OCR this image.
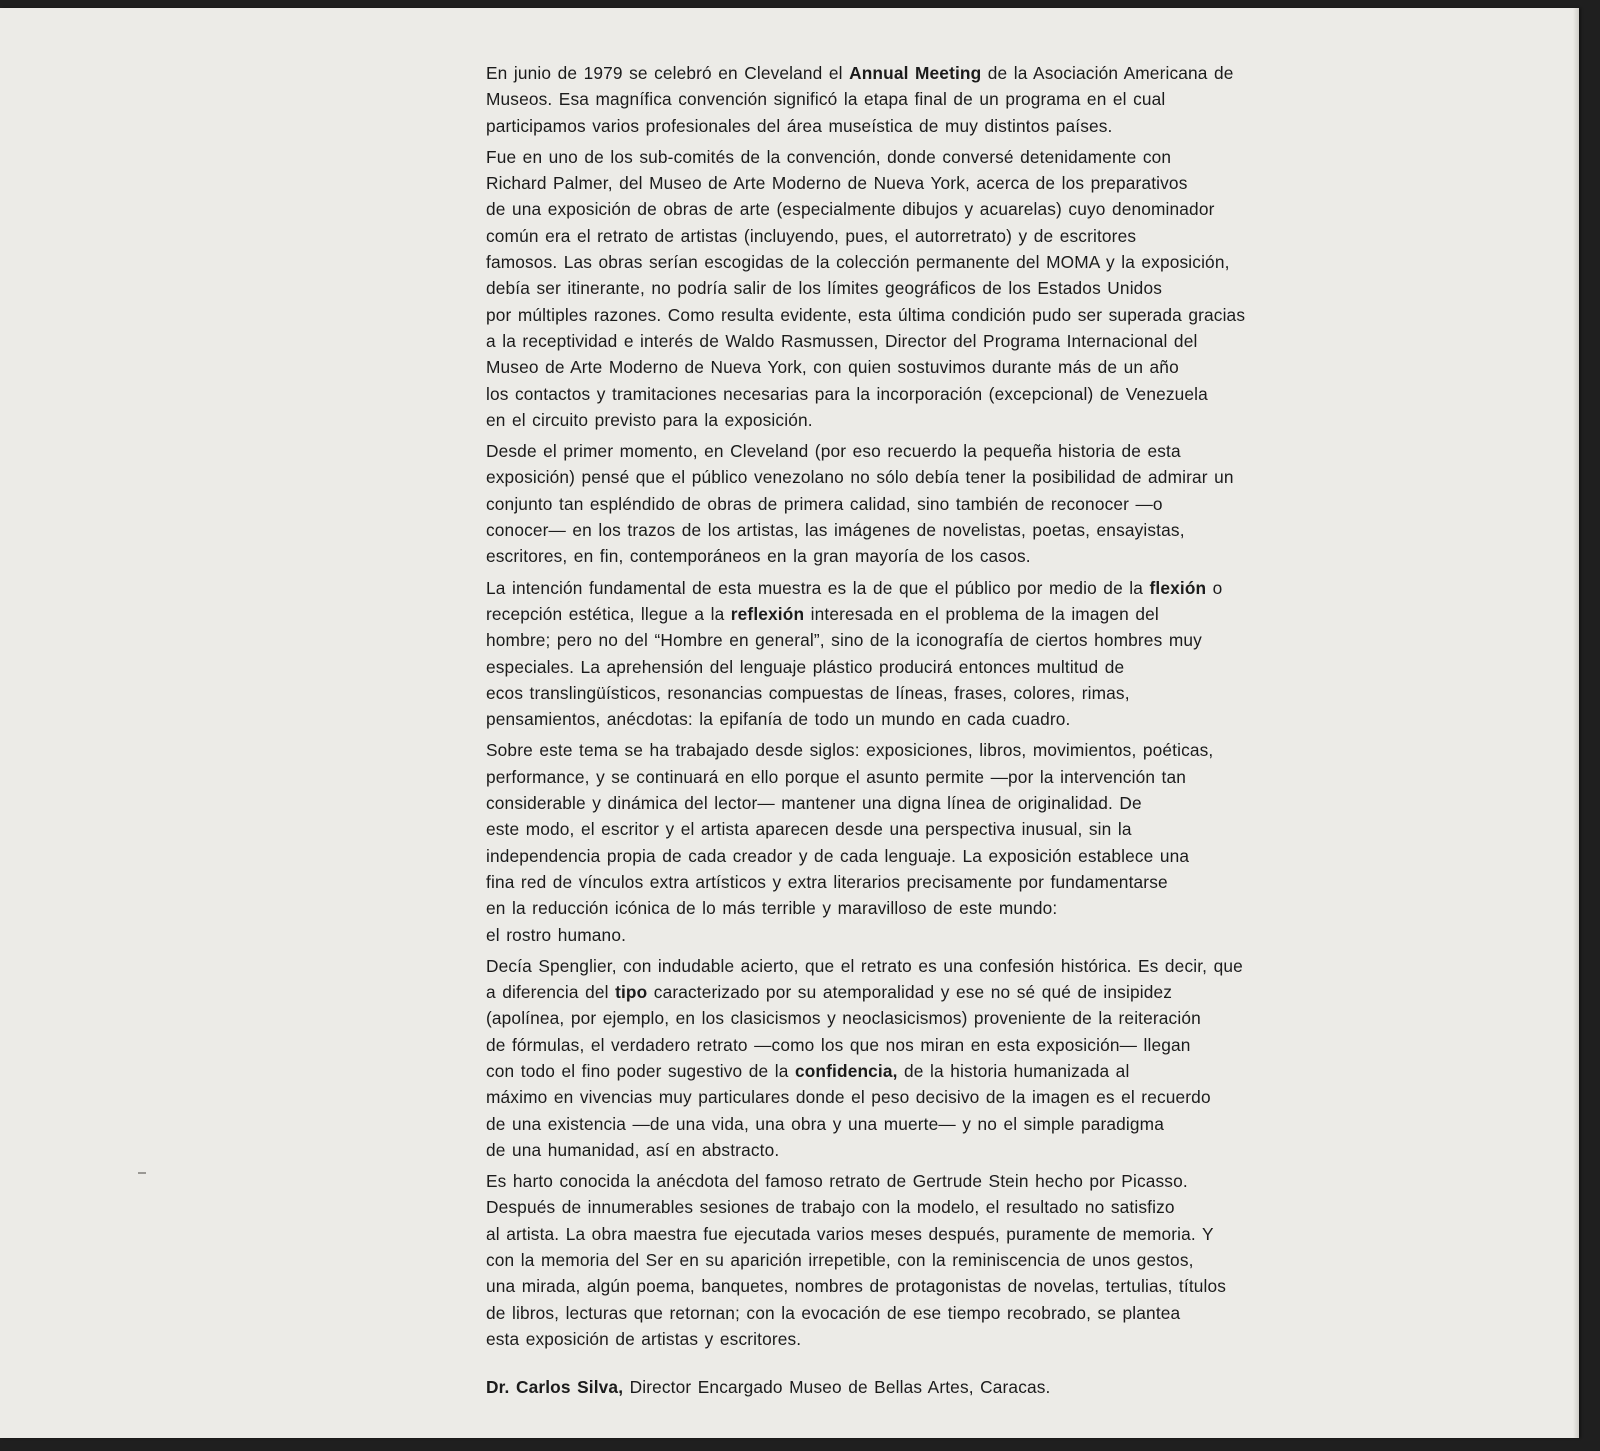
En junio de 1979 se celebró en Cleveland el Annual Meeting de la Asociación Americana de
Museos. Esa magnífica convención significó la etapa final de un programa en el cual
participamos varios profesionales del área museística de muy distintos países.
Fue en uno de los sub-comités de la convención, donde conversé detenidamente con
Richard Palmer, del Museo de Arte Moderno de Nueva York, acerca de los preparativos
de una exposición de obras de arte (especialmente dibujos y acuarelas) cuyo denominador
común era el retrato de artistas (incluyendo, pues, el autorretrato) y de escritores
famosos. Las obras serían escogidas de la colección permanente del MOMA y la exposición,
debía ser itinerante, no podría salir de los límites geográficos de los Estados Unidos
por múltiples razones. Como resulta evidente, esta última condición pudo ser superada gracias
a la receptividad e interés de Waldo Rasmussen, Director del Programa Internacional del
Museo de Arte Moderno de Nueva York, con quien sostuvimos durante más de un año
los contactos y tramitaciones necesarias para la incorporación (excepcional) de Venezuela
en el circuito previsto para la exposición.
Desde el primer momento, en Cleveland (por eso recuerdo la pequeña historia de esta
exposición) pensé que el público venezolano no sólo debía tener la posibilidad de admirar un
conjunto tan espléndido de obras de primera calidad, sino también de reconocer —o
conocer— en los trazos de los artistas, las imágenes de novelistas, poetas, ensayistas,
escritores, en fin, contemporáneos en la gran mayoría de los casos.
La intención fundamental de esta muestra es la de que el público por medio de la flexión o
recepción estética, llegue a la reflexión interesada en el problema de la imagen del
hombre; pero no del “Hombre en general”, sino de la iconografía de ciertos hombres muy
especiales. La aprehensión del lenguaje plástico producirá entonces multitud de
ecos translingüísticos, resonancias compuestas de líneas, frases, colores, rimas,
pensamientos, anécdotas: la epifanía de todo un mundo en cada cuadro.
Sobre este tema se ha trabajado desde siglos: exposiciones, libros, movimientos, poéticas,
performance, y se continuará en ello porque el asunto permite —por la intervención tan
considerable y dinámica del lector— mantener una digna línea de originalidad. De
este modo, el escritor y el artista aparecen desde una perspectiva inusual, sin la
independencia propia de cada creador y de cada lenguaje. La exposición establece una
fina red de vínculos extra artísticos y extra literarios precisamente por fundamentarse
en la reducción icónica de lo más terrible y maravilloso de este mundo:
el rostro humano.
Decía Spenglier, con indudable acierto, que el retrato es una confesión histórica. Es decir, que
a diferencia del tipo caracterizado por su atemporalidad y ese no sé qué de insipidez
(apolínea, por ejemplo, en los clasicismos y neoclasicismos) proveniente de la reiteración
de fórmulas, el verdadero retrato —como los que nos miran en esta exposición— llegan
con todo el fino poder sugestivo de la confidencia, de la historia humanizada al
máximo en vivencias muy particulares donde el peso decisivo de la imagen es el recuerdo
de una existencia —de una vida, una obra y una muerte— y no el simple paradigma
de una humanidad, así en abstracto.
Es harto conocida la anécdota del famoso retrato de Gertrude Stein hecho por Picasso.
Después de innumerables sesiones de trabajo con la modelo, el resultado no satisfizo
al artista. La obra maestra fue ejecutada varios meses después, puramente de memoria. Y
con la memoria del Ser en su aparición irrepetible, con la reminiscencia de unos gestos,
una mirada, algún poema, banquetes, nombres de protagonistas de novelas, tertulias, títulos
de libros, lecturas que retornan; con la evocación de ese tiempo recobrado, se plantea
esta exposición de artistas y escritores.
Dr. Carlos Silva, Director Encargado Museo de Bellas Artes, Caracas.
